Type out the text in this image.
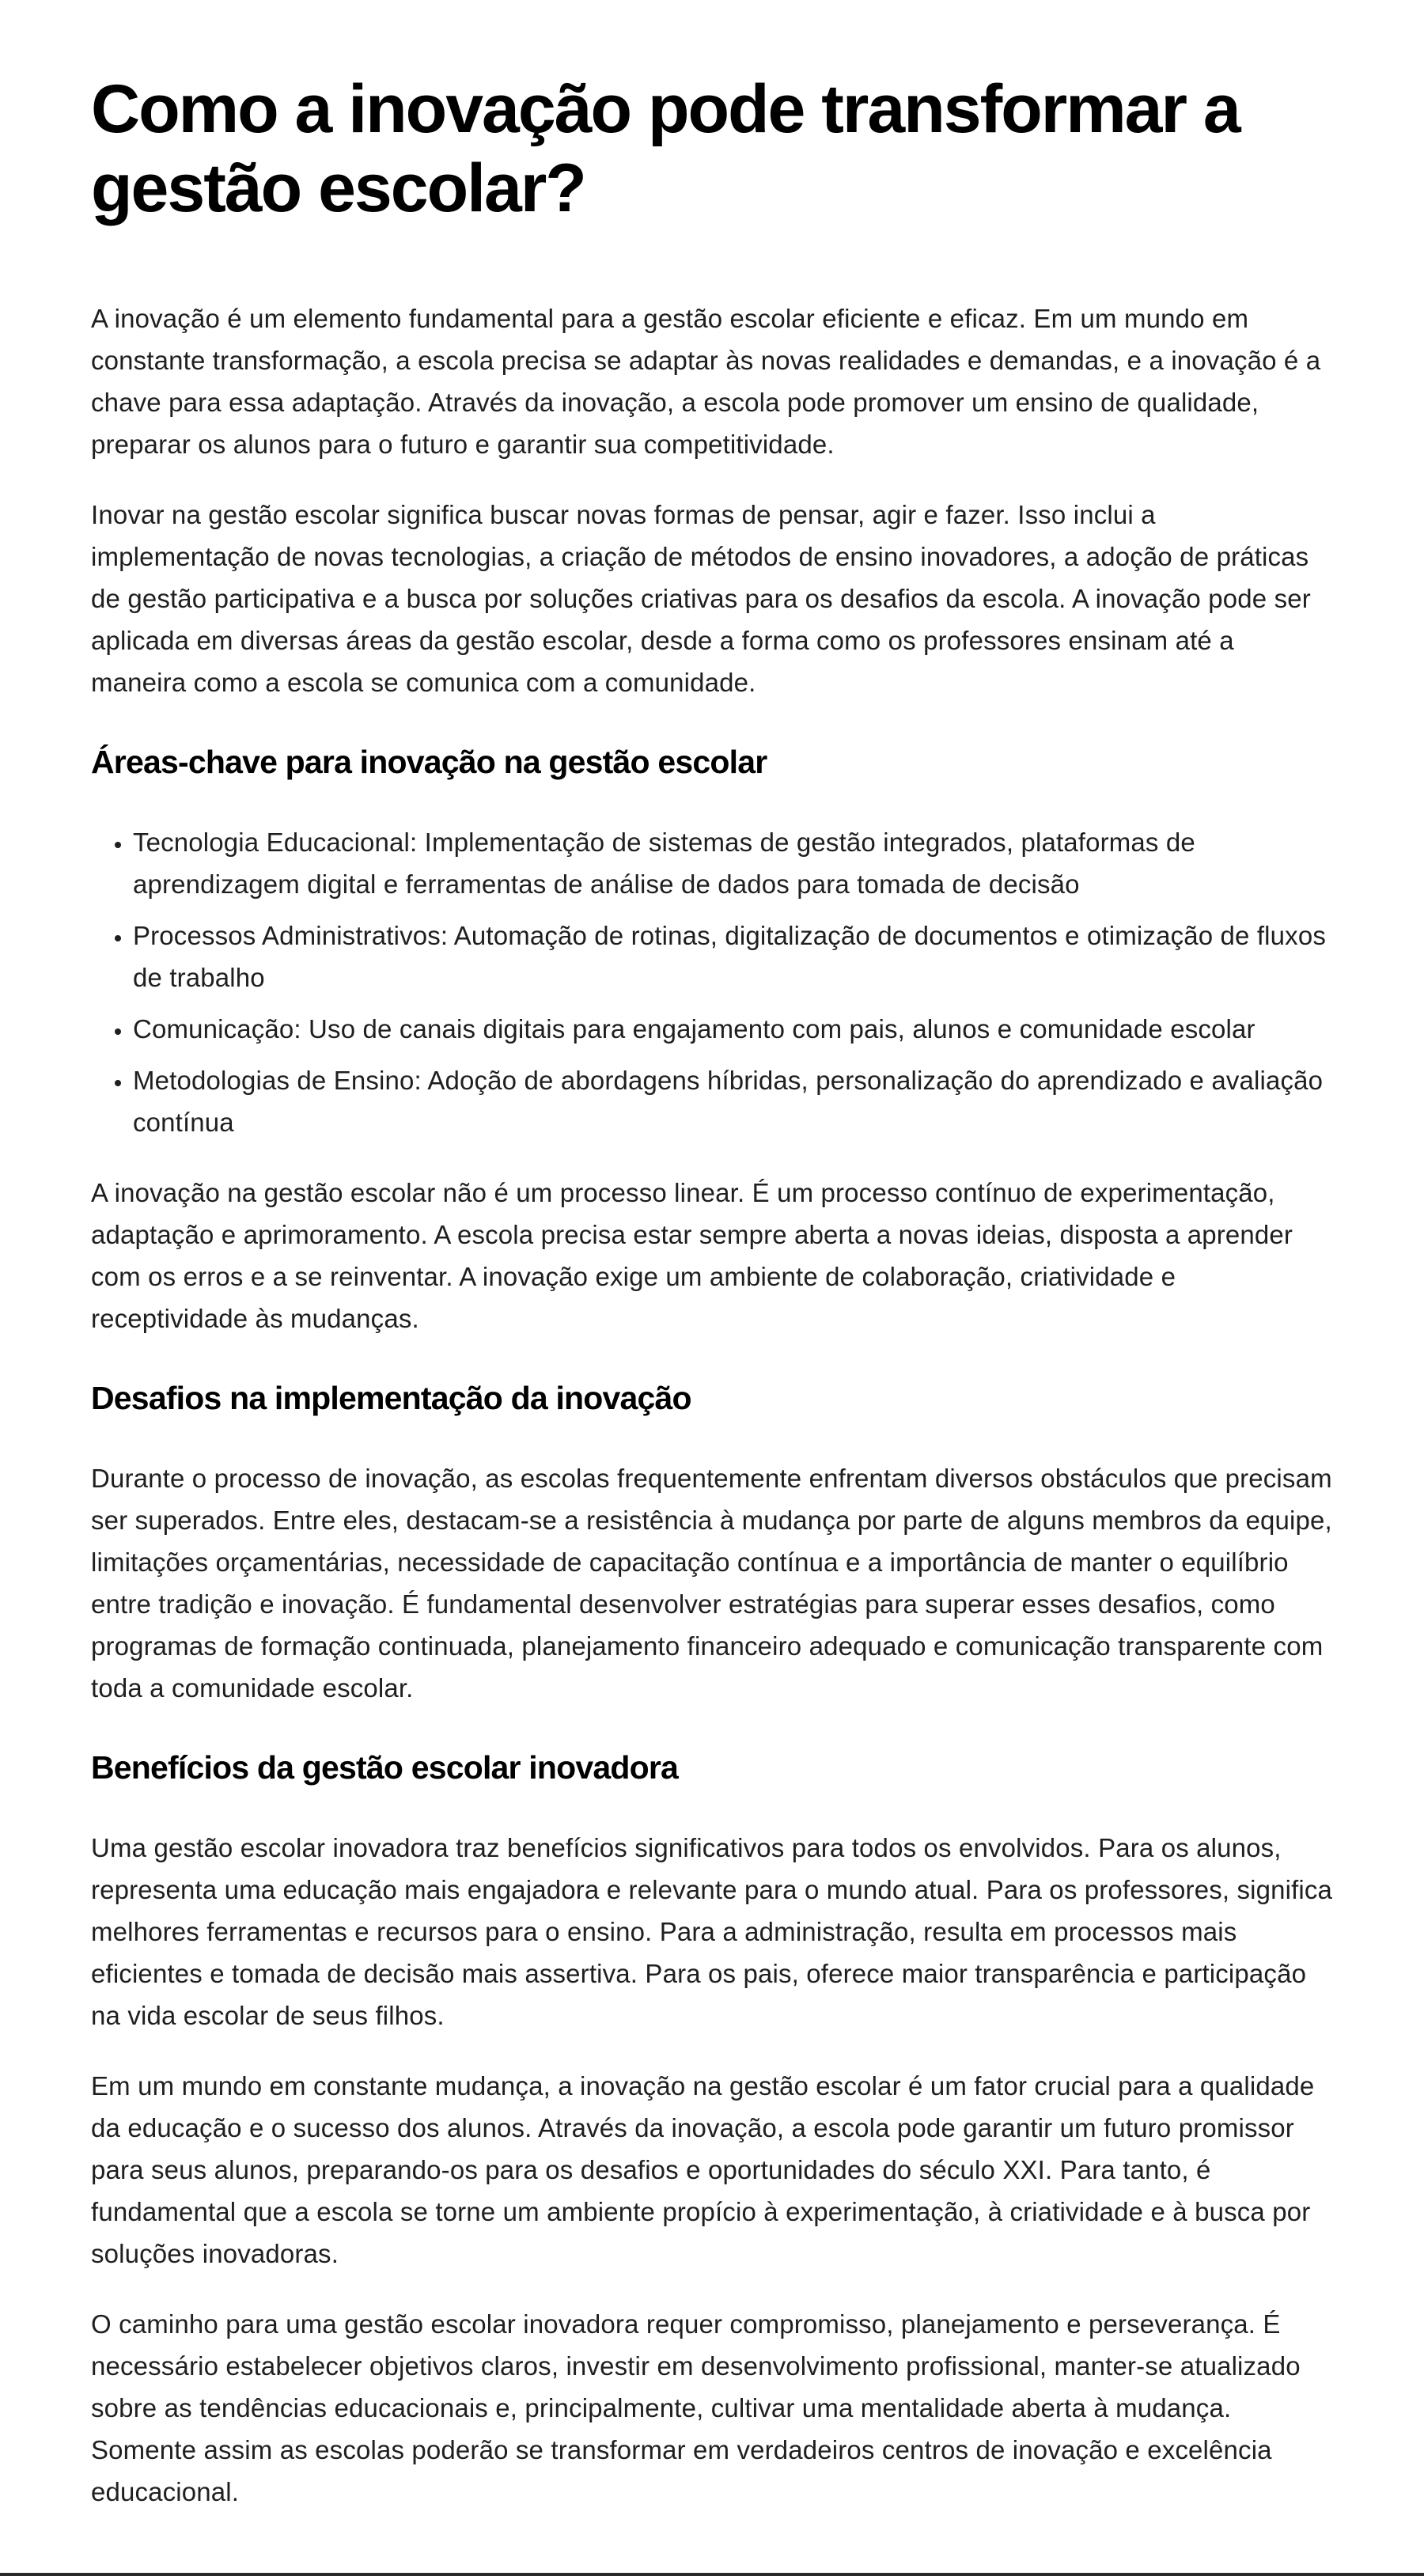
Como a inovação pode transformar a gestão escolar?

A inovação é um elemento fundamental para a gestão escolar eficiente e eficaz. Em um mundo em constante transformação, a escola precisa se adaptar às novas realidades e demandas, e a inovação é a chave para essa adaptação. Através da inovação, a escola pode promover um ensino de qualidade, preparar os alunos para o futuro e garantir sua competitividade.

Inovar na gestão escolar significa buscar novas formas de pensar, agir e fazer. Isso inclui a implementação de novas tecnologias, a criação de métodos de ensino inovadores, a adoção de práticas de gestão participativa e a busca por soluções criativas para os desafios da escola. A inovação pode ser aplicada em diversas áreas da gestão escolar, desde a forma como os professores ensinam até a maneira como a escola se comunica com a comunidade.

Áreas-chave para inovação na gestão escolar
• Tecnologia Educacional: Implementação de sistemas de gestão integrados, plataformas de aprendizagem digital e ferramentas de análise de dados para tomada de decisão
• Processos Administrativos: Automação de rotinas, digitalização de documentos e otimização de fluxos de trabalho
• Comunicação: Uso de canais digitais para engajamento com pais, alunos e comunidade escolar
• Metodologias de Ensino: Adoção de abordagens híbridas, personalização do aprendizado e avaliação contínua

A inovação na gestão escolar não é um processo linear. É um processo contínuo de experimentação, adaptação e aprimoramento. A escola precisa estar sempre aberta a novas ideias, disposta a aprender com os erros e a se reinventar. A inovação exige um ambiente de colaboração, criatividade e receptividade às mudanças.

Desafios na implementação da inovação

Durante o processo de inovação, as escolas frequentemente enfrentam diversos obstáculos que precisam ser superados. Entre eles, destacam-se a resistência à mudança por parte de alguns membros da equipe, limitações orçamentárias, necessidade de capacitação contínua e a importância de manter o equilíbrio entre tradição e inovação. É fundamental desenvolver estratégias para superar esses desafios, como programas de formação continuada, planejamento financeiro adequado e comunicação transparente com toda a comunidade escolar.

Benefícios da gestão escolar inovadora

Uma gestão escolar inovadora traz benefícios significativos para todos os envolvidos. Para os alunos, representa uma educação mais engajadora e relevante para o mundo atual. Para os professores, significa melhores ferramentas e recursos para o ensino. Para a administração, resulta em processos mais eficientes e tomada de decisão mais assertiva. Para os pais, oferece maior transparência e participação na vida escolar de seus filhos.

Em um mundo em constante mudança, a inovação na gestão escolar é um fator crucial para a qualidade da educação e o sucesso dos alunos. Através da inovação, a escola pode garantir um futuro promissor para seus alunos, preparando-os para os desafios e oportunidades do século XXI. Para tanto, é fundamental que a escola se torne um ambiente propício à experimentação, à criatividade e à busca por soluções inovadoras.

O caminho para uma gestão escolar inovadora requer compromisso, planejamento e perseverança. É necessário estabelecer objetivos claros, investir em desenvolvimento profissional, manter-se atualizado sobre as tendências educacionais e, principalmente, cultivar uma mentalidade aberta à mudança. Somente assim as escolas poderão se transformar em verdadeiros centros de inovação e excelência educacional.
